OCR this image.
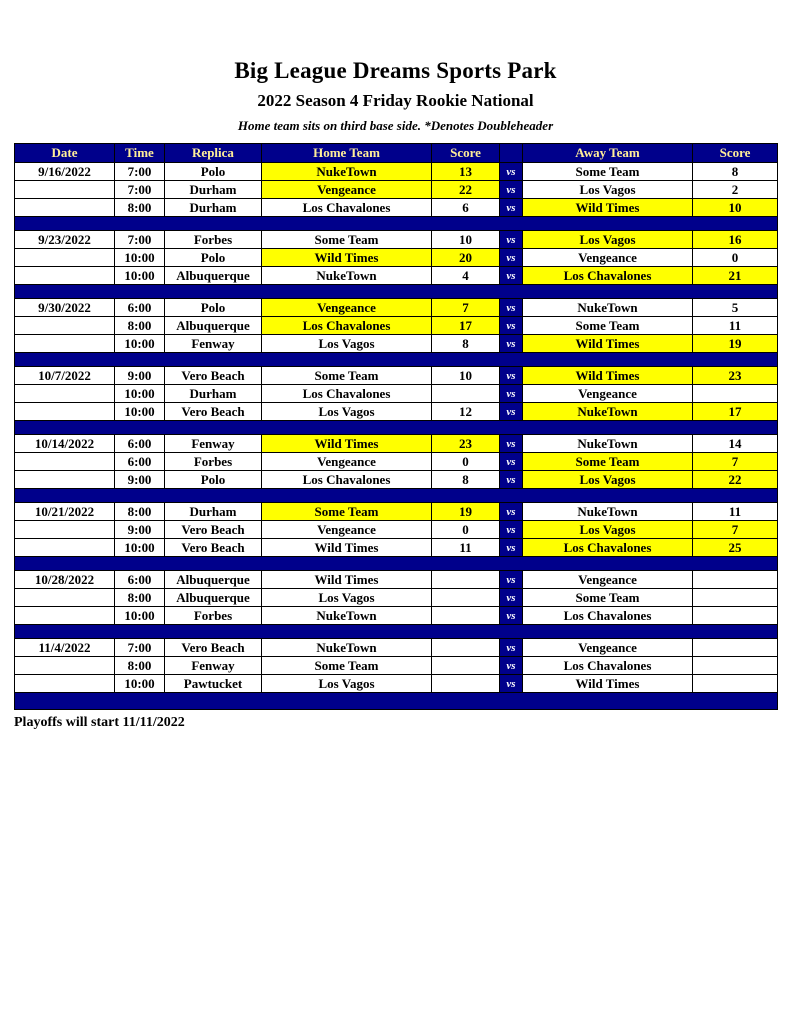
Big League Dreams Sports Park
2022 Season 4 Friday Rookie National
Home team sits on third base side. *Denotes Doubleheader
Date	Time	Replica	Home Team	Score		Away Team	Score
9/16/2022	7:00	Polo	NukeTown	13	vs	Some Team	8
	7:00	Durham	Vengeance	22	vs	Los Vagos	2
	8:00	Durham	Los Chavalones	6	vs	Wild Times	10

9/23/2022	7:00	Forbes	Some Team	10	vs	Los Vagos	16
	10:00	Polo	Wild Times	20	vs	Vengeance	0
	10:00	Albuquerque	NukeTown	4	vs	Los Chavalones	21

9/30/2022	6:00	Polo	Vengeance	7	vs	NukeTown	5
	8:00	Albuquerque	Los Chavalones	17	vs	Some Team	11
	10:00	Fenway	Los Vagos	8	vs	Wild Times	19

10/7/2022	9:00	Vero Beach	Some Team	10	vs	Wild Times	23
	10:00	Durham	Los Chavalones		vs	Vengeance	
	10:00	Vero Beach	Los Vagos	12	vs	NukeTown	17

10/14/2022	6:00	Fenway	Wild Times	23	vs	NukeTown	14
	6:00	Forbes	Vengeance	0	vs	Some Team	7
	9:00	Polo	Los Chavalones	8	vs	Los Vagos	22

10/21/2022	8:00	Durham	Some Team	19	vs	NukeTown	11
	9:00	Vero Beach	Vengeance	0	vs	Los Vagos	7
	10:00	Vero Beach	Wild Times	11	vs	Los Chavalones	25

10/28/2022	6:00	Albuquerque	Wild Times		vs	Vengeance	
	8:00	Albuquerque	Los Vagos		vs	Some Team	
	10:00	Forbes	NukeTown		vs	Los Chavalones	

11/4/2022	7:00	Vero Beach	NukeTown		vs	Vengeance	
	8:00	Fenway	Some Team		vs	Los Chavalones	
	10:00	Pawtucket	Los Vagos		vs	Wild Times	

Playoffs will start 11/11/2022
